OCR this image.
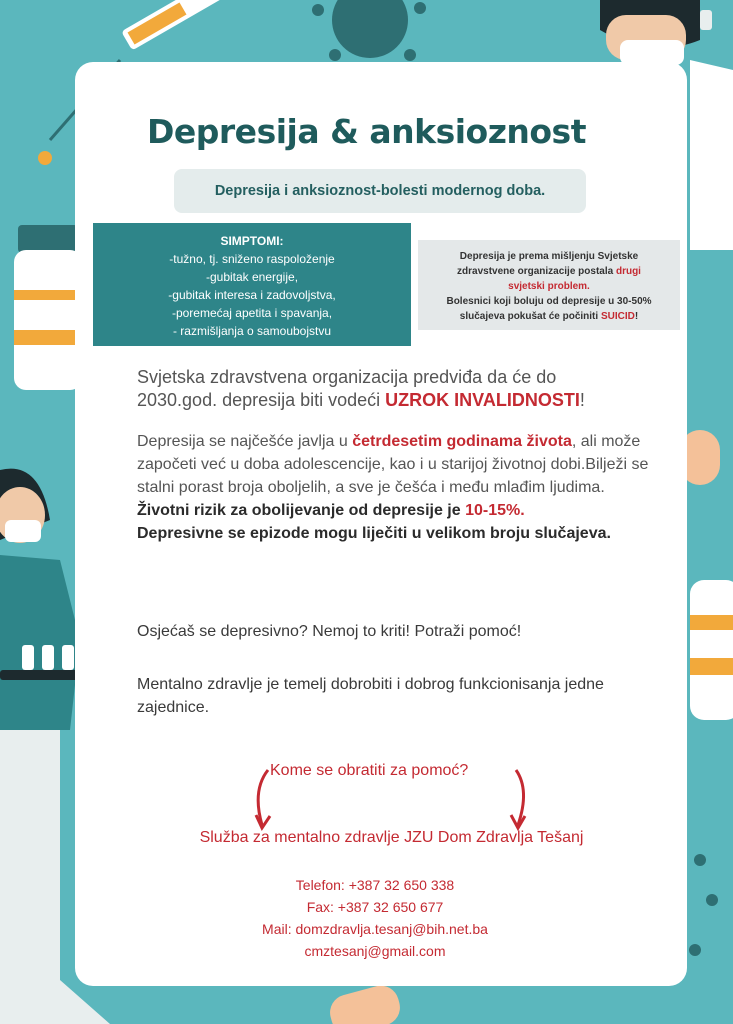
Depresija & anksioznost
Depresija i anksioznost-bolesti modernog doba.
SIMPTOMI:
-tužno, tj. sniženo raspoloženje
-gubitak energije,
-gubitak interesa i zadovoljstva,
-poremećaj apetita i spavanja,
- razmišljanja o samoubojstvu
Depresija je prema mišljenju Svjetske
zdravstvene organizacije postala drugi
svjetski problem.
Bolesnici koji boluju od depresije u 30-50%
slučajeva pokušat će počiniti SUICID!
Svjetska zdravstvena organizacija predviđa da će do 2030.god. depresija biti vodeći UZROK INVALIDNOSTI!
Depresija se najčešće javlja u četrdesetim godinama života, ali može započeti već u doba adolescencije, kao i u starijoj životnoj dobi.Bilježi se stalni porast broja oboljelih, a sve je češća i među mlađim ljudima.
Životni rizik za obolijevanje od depresije je 10-15%.
Depresivne se epizode mogu liječiti u velikom broju slučajeva.
Osjećaš se depresivno? Nemoj to kriti! Potraži pomoć!
Mentalno zdravlje je temelj dobrobiti i dobrog funkcionisanja jedne zajednice.
Kome se obratiti za pomoć?
Služba za mentalno zdravlje JZU Dom Zdravlja Tešanj
Telefon: +387 32 650 338
Fax: +387 32 650 677
Mail: domzdravlja.tesanj@bih.net.ba
cmztesanj@gmail.com
